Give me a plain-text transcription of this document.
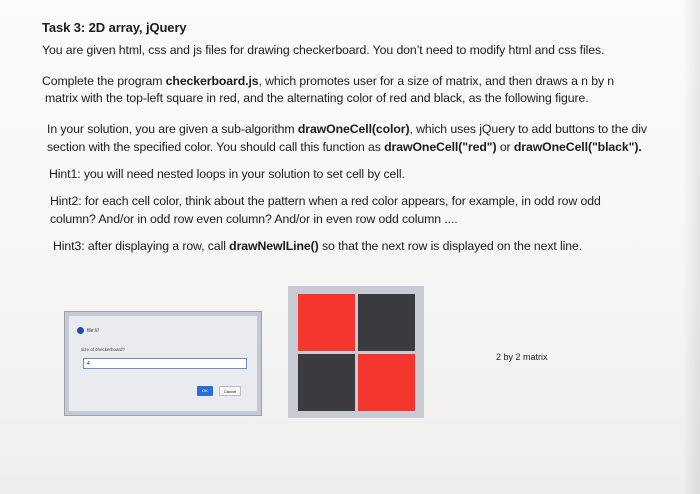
Task 3: 2D array, jQuery
You are given html, css and js files for drawing checkerboard. You don’t need to modify html and css files.
Complete the program checkerboard.js, which promotes user for a size of matrix, and then draws a n by n
matrix with the top-left square in red, and the alternating color of red and black, as the following figure.
In your solution, you are given a sub-algorithm drawOneCell(color), which uses jQuery to add buttons to the div
section with the specified color. You should call this function as drawOneCell("red") or drawOneCell("black").
Hint1: you will need nested loops in your solution to set cell by cell.
Hint2: for each cell color, think about the pattern when a red color appears, for example, in odd row odd
column? And/or in odd row even column? And/or in even row odd column ....
Hint3: after displaying a row, call drawNewlLine() so that the next row is displayed on the next line.
file:///
size of checkerboard?
4
OK	Cancel
2 by 2 matrix
